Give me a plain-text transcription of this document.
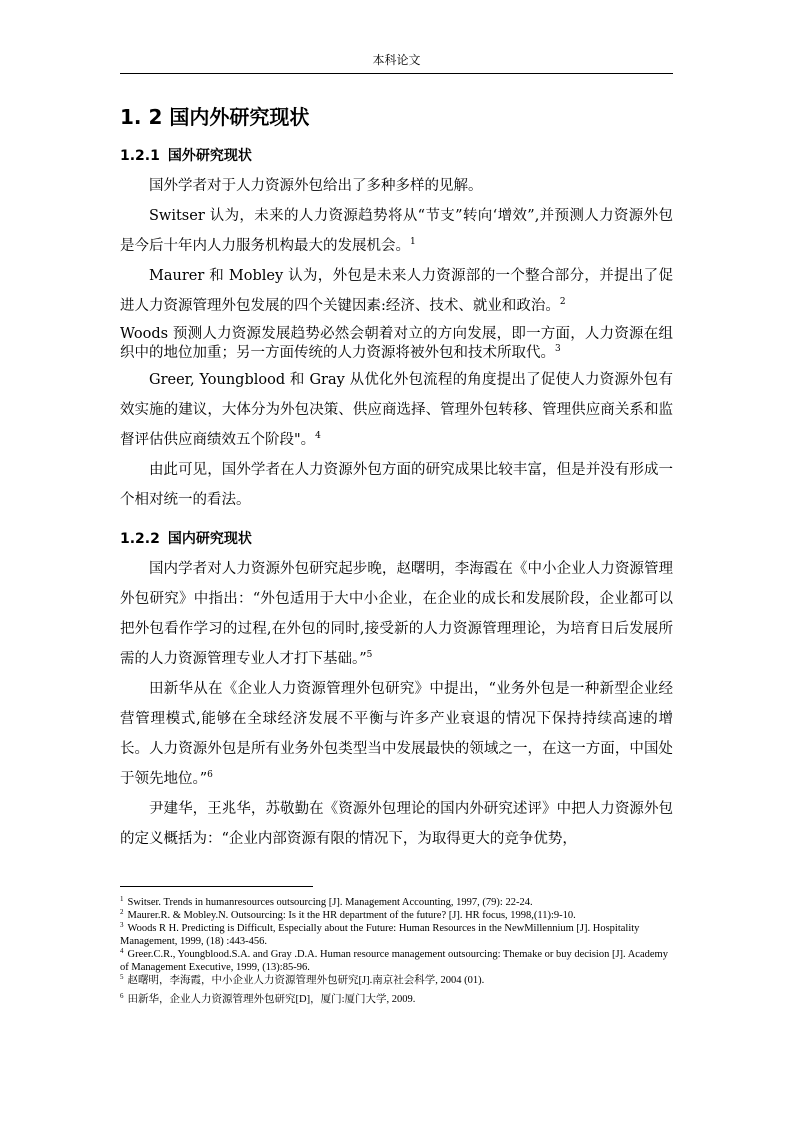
本科论文
1. 2 国内外研究现状
1.2.1 国外研究现状

国外学者对于人力资源外包给出了多种多样的见解。

Switser 认为，未来的人力资源趋势将从“节支”转向‘增效”,并预测人力资源外包是今后十年内人力服务机构最大的发展机会。$^1$

Maurer 和 Mobley 认为，外包是未来人力资源部的一个整合部分，并提出了促进人力资源管理外包发展的四个关键因素:经济、技术、就业和政治。$^2$

Woods 预测人力资源发展趋势必然会朝着对立的方向发展，即一方面，人力资源在组织中的地位加重；另一方面传统的人力资源将被外包和技术所取代。$^3$

Greer, Youngblood 和 Gray 从优化外包流程的角度提出了促使人力资源外包有效实施的建议，大体分为外包决策、供应商选择、管理外包转移、管理供应商关系和监督评估供应商绩效五个阶段"。$^4$

由此可见，国外学者在人力资源外包方面的研究成果比较丰富，但是并没有形成一个相对统一的看法。

1.2.2 国内研究现状

国内学者对人力资源外包研究起步晚，赵曙明，李海霞在《中小企业人力资源管理外包研究》中指出：“外包适用于大中小企业，在企业的成长和发展阶段，企业都可以把外包看作学习的过程,在外包的同时,接受新的人力资源管理理论，为培育日后发展所需的人力资源管理专业人才打下基础。”$^5$

田新华从在《企业人力资源管理外包研究》中提出，“业务外包是一种新型企业经营管理模式,能够在全球经济发展不平衡与许多产业衰退的情况下保持持续高速的增长。人力资源外包是所有业务外包类型当中发展最快的领域之一，在这一方面，中国处于领先地位。”$^6$

尹建华，王兆华，苏敬勤在《资源外包理论的国内外研究述评》中把人力资源外包的定义概括为：“企业内部资源有限的情况下，为取得更大的竞争优势，

$^1$ Switser. Trends in humanresources outsourcing [J]. Management Accounting, 1997, (79): 22-24.

$^2$ Maurer.R. & Mobley.N. Outsourcing: Is it the HR department of the future? [J]. HR focus, 1998,(11):9-10.

$^3$ Woods R H. Predicting is Difficult, Especially about the Future: Human Resources in the NewMillennium [J]. Hospitality Management, 1999, (18) :443-456.

$^4$ Greer.C.R., Youngblood.S.A. and Gray .D.A. Human resource management outsourcing: Themake or buy decision [J]. Academy of Management Executive, 1999, (13):85-96.

$^5$ 赵曙明，李海霞，中小企业人力资源管理外包研究[J].南京社会科学, 2004 (01).

$^6$ 田新华，企业人力资源管理外包研究[D]，厦门:厦门大学, 2009.
